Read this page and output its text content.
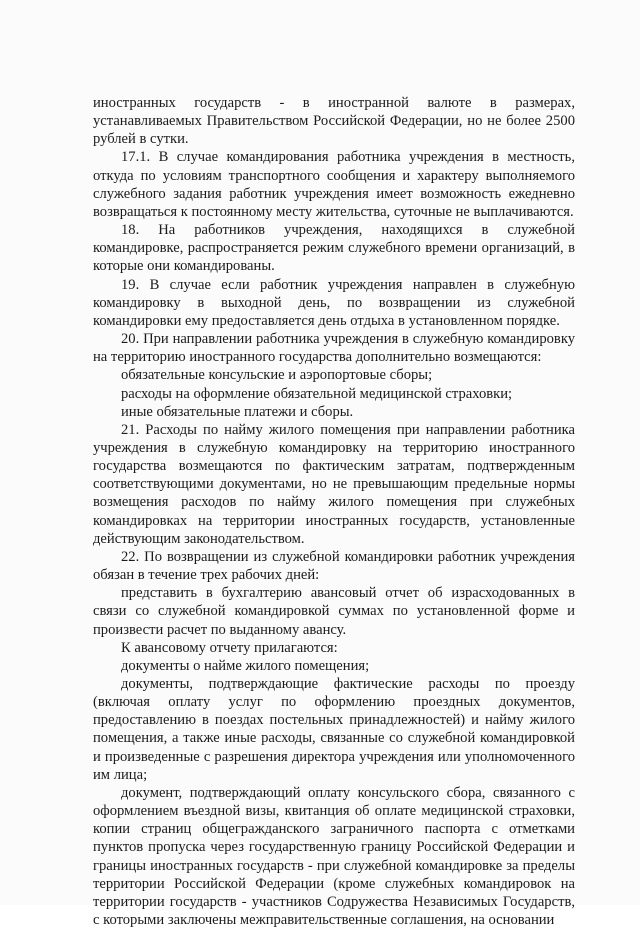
иностранных государств - в иностранной валюте в размерах, устанавливаемых Правительством Российской Федерации, но не более 2500 рублей в сутки.

17.1. В случае командирования работника учреждения в местность, откуда по условиям транспортного сообщения и характеру выполняемого служебного задания работник учреждения имеет возможность ежедневно возвращаться к постоянному месту жительства, суточные не выплачиваются.

18. На работников учреждения, находящихся в служебной командировке, распространяется режим служебного времени организаций, в которые они командированы.

19. В случае если работник учреждения направлен в служебную командировку в выходной день, по возвращении из служебной командировки ему предоставляется день отдыха в установленном порядке.

20. При направлении работника учреждения в служебную командировку на территорию иностранного государства дополнительно возмещаются:

обязательные консульские и аэропортовые сборы;

расходы на оформление обязательной медицинской страховки;

иные обязательные платежи и сборы.

21. Расходы по найму жилого помещения при направлении работника учреждения в служебную командировку на территорию иностранного государства возмещаются по фактическим затратам, подтвержденным соответствующими документами, но не превышающим предельные нормы возмещения расходов по найму жилого помещения при служебных командировках на территории иностранных государств, установленные действующим законодательством.

22. По возвращении из служебной командировки работник учреждения обязан в течение трех рабочих дней:

представить в бухгалтерию авансовый отчет об израсходованных в связи со служебной командировкой суммах по установленной форме и произвести расчет по выданному авансу.

К авансовому отчету прилагаются:

документы о найме жилого помещения;

документы, подтверждающие фактические расходы по проезду (включая оплату услуг по оформлению проездных документов, предоставлению в поездах постельных принадлежностей) и найму жилого помещения, а также иные расходы, связанные со служебной командировкой и произведенные с разрешения директора учреждения или уполномоченного им лица;

документ, подтверждающий оплату консульского сбора, связанного с оформлением въездной визы, квитанция об оплате медицинской страховки, копии страниц общегражданского заграничного паспорта с отметками пунктов пропуска через государственную границу Российской Федерации и границы иностранных государств - при служебной командировке за пределы территории Российской Федерации (кроме служебных командировок на территории государств - участников Содружества Независимых Государств, с которыми заключены межправительственные соглашения, на основании
